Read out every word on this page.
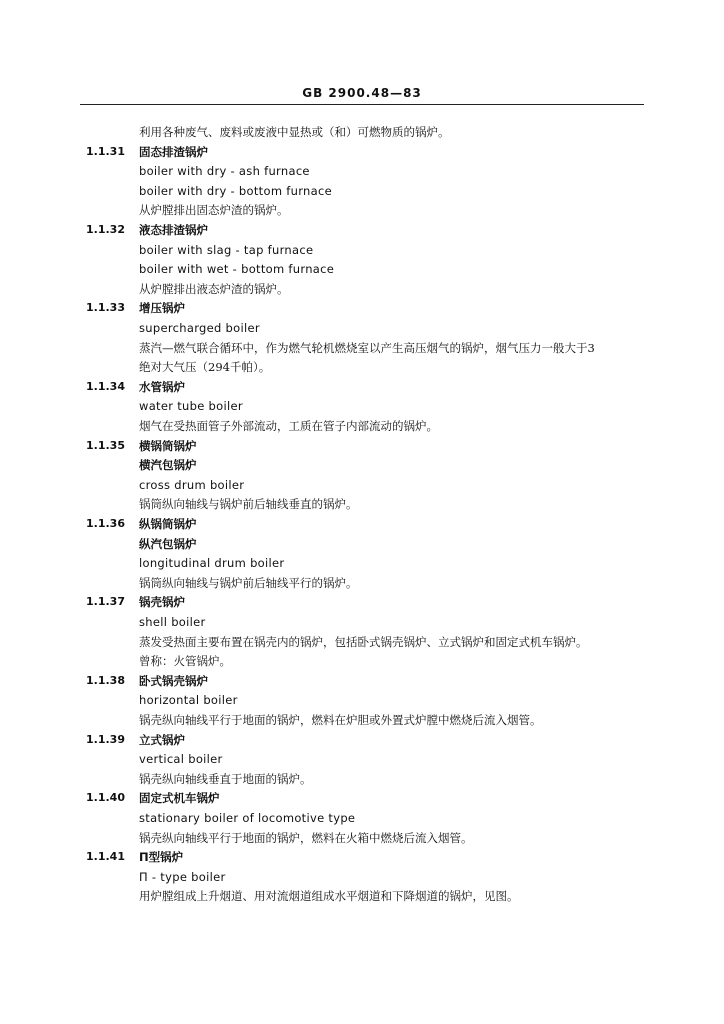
GB 2900.48—83
利用各种废气、废料或废液中显热或（和）可燃物质的锅炉。
1.1.31 固态排渣锅炉
boiler with dry - ash furnace
boiler with dry - bottom furnace
从炉膛排出固态炉渣的锅炉。
1.1.32 液态排渣锅炉
boiler with slag - tap furnace
boiler with wet - bottom furnace
从炉膛排出液态炉渣的锅炉。
1.1.33 增压锅炉
supercharged boiler
蒸汽—燃气联合循环中，作为燃气轮机燃烧室以产生高压烟气的锅炉，烟气压力一般大于3
绝对大气压（294千帕）。
1.1.34 水管锅炉
water tube boiler
烟气在受热面管子外部流动，工质在管子内部流动的锅炉。
1.1.35 横锅筒锅炉
横汽包锅炉
cross drum boiler
锅筒纵向轴线与锅炉前后轴线垂直的锅炉。
1.1.36 纵锅筒锅炉
纵汽包锅炉
longitudinal drum boiler
锅筒纵向轴线与锅炉前后轴线平行的锅炉。
1.1.37 锅壳锅炉
shell boiler
蒸发受热面主要布置在锅壳内的锅炉，包括卧式锅壳锅炉、立式锅炉和固定式机车锅炉。
曾称：火管锅炉。
1.1.38 卧式锅壳锅炉
horizontal boiler
锅壳纵向轴线平行于地面的锅炉，燃料在炉胆或外置式炉膛中燃烧后流入烟管。
1.1.39 立式锅炉
vertical boiler
锅壳纵向轴线垂直于地面的锅炉。
1.1.40 固定式机车锅炉
stationary boiler of locomotive type
锅壳纵向轴线平行于地面的锅炉，燃料在火箱中燃烧后流入烟管。
1.1.41 Π型锅炉
Π - type boiler
用炉膛组成上升烟道、用对流烟道组成水平烟道和下降烟道的锅炉，见图。
